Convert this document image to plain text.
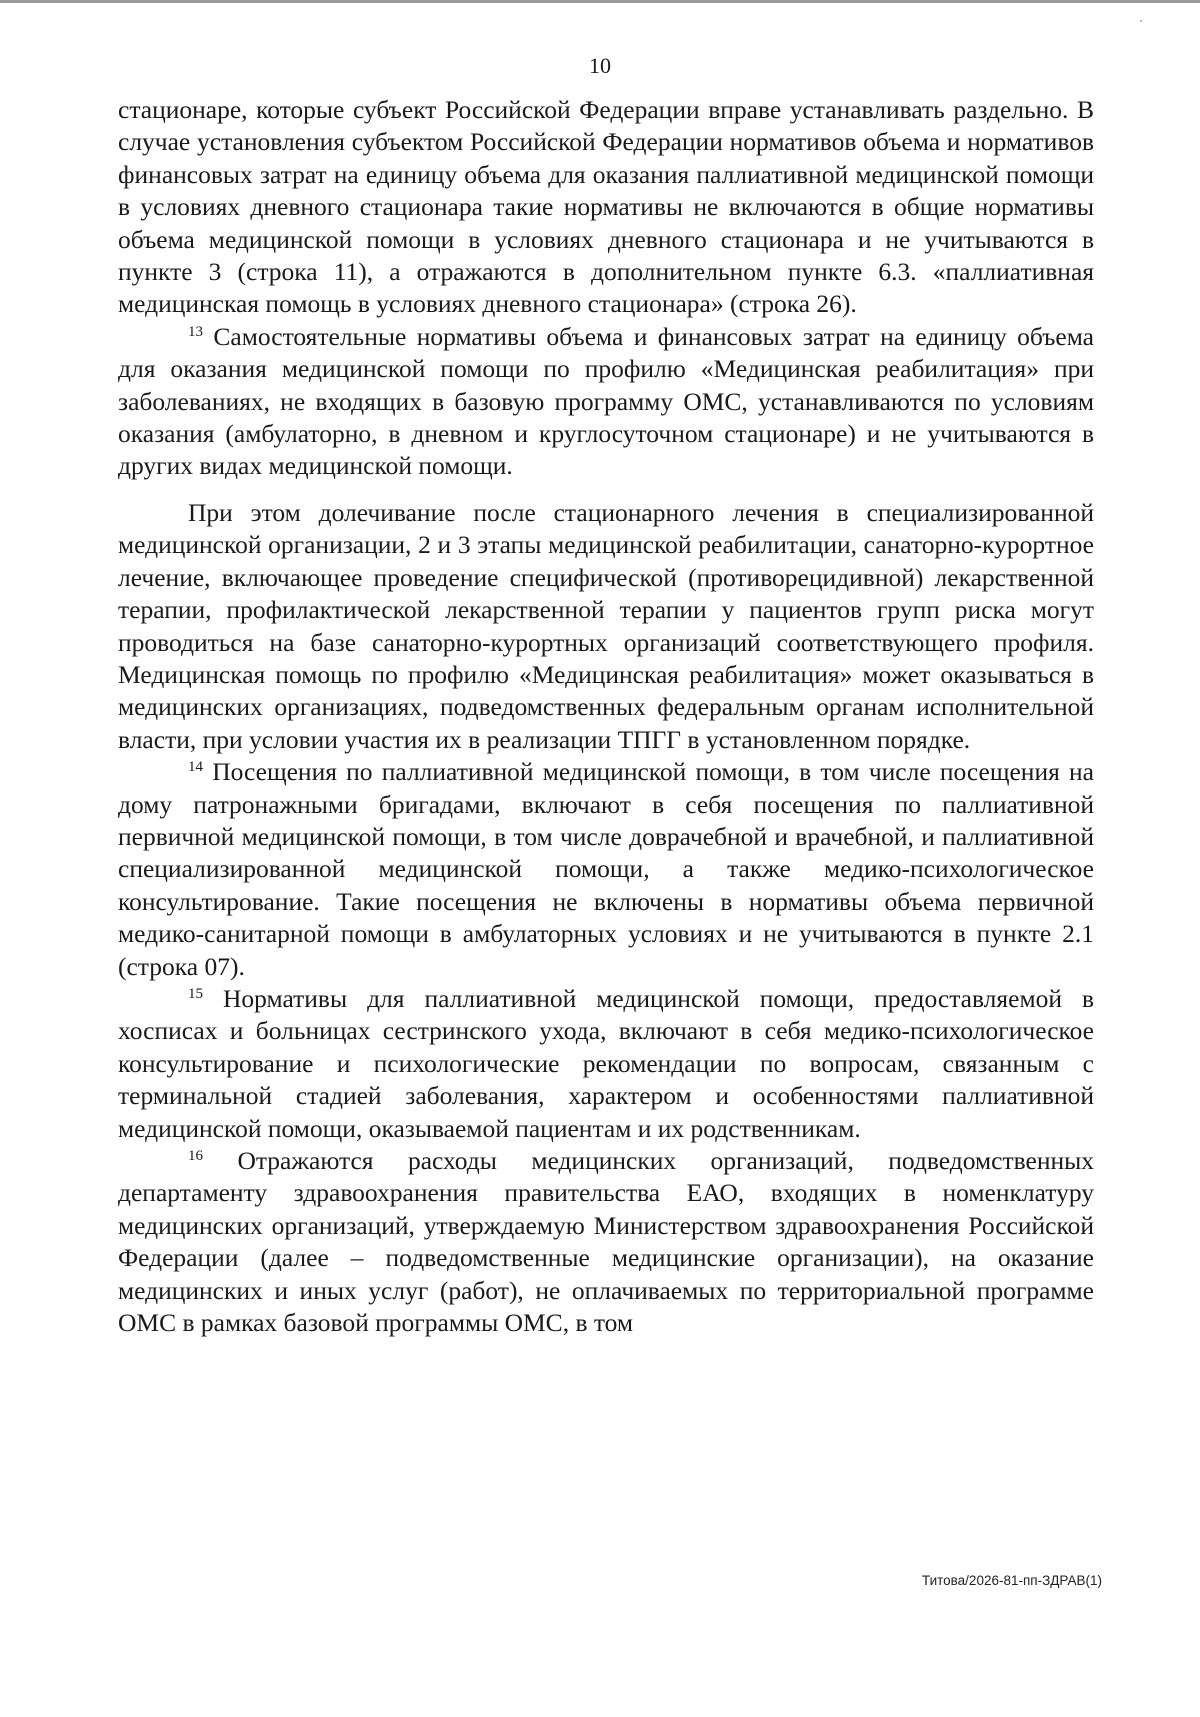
10

стационаре, которые субъект Российской Федерации вправе устанавливать раздельно. В случае установления субъектом Российской Федерации нормативов объема и нормативов финансовых затрат на единицу объема для оказания паллиативной медицинской помощи в условиях дневного стационара такие нормативы не включаются в общие нормативы объема медицинской помощи в условиях дневного стационара и не учитываются в пункте 3 (строка 11), а отражаются в дополнительном пункте 6.3. «паллиативная медицинская помощь в условиях дневного стационара» (строка 26).

$^{13}$ Самостоятельные нормативы объема и финансовых затрат на единицу объема для оказания медицинской помощи по профилю «Медицинская реабилитация» при заболеваниях, не входящих в базовую программу ОМС, устанавливаются по условиям оказания (амбулаторно, в дневном и круглосуточном стационаре) и не учитываются в других видах медицинской помощи.

При этом долечивание после стационарного лечения в специализированной медицинской организации, 2 и 3 этапы медицинской реабилитации, санаторно-курортное лечение, включающее проведение специфической (противорецидивной) лекарственной терапии, профилактической лекарственной терапии у пациентов групп риска могут проводиться на базе санаторно-курортных организаций соответствующего профиля. Медицинская помощь по профилю «Медицинская реабилитация» может оказываться в медицинских организациях, подведомственных федеральным органам исполнительной власти, при условии участия их в реализации ТПГГ в установленном порядке.

$^{14}$ Посещения по паллиативной медицинской помощи, в том числе посещения на дому патронажными бригадами, включают в себя посещения по паллиативной первичной медицинской помощи, в том числе доврачебной и врачебной, и паллиативной специализированной медицинской помощи, а также медико-психологическое консультирование. Такие посещения не включены в нормативы объема первичной медико-санитарной помощи в амбулаторных условиях и не учитываются в пункте 2.1 (строка 07).

$^{15}$ Нормативы для паллиативной медицинской помощи, предоставляемой в хосписах и больницах сестринского ухода, включают в себя медико-психологическое консультирование и психологические рекомендации по вопросам, связанным с терминальной стадией заболевания, характером и особенностями паллиативной медицинской помощи, оказываемой пациентам и их родственникам.

$^{16}$ Отражаются расходы медицинских организаций, подведомственных департаменту здравоохранения правительства ЕАО, входящих в номенклатуру медицинских организаций, утверждаемую Министерством здравоохранения Российской Федерации (далее – подведомственные медицинские организации), на оказание медицинских и иных услуг (работ), не оплачиваемых по территориальной программе ОМС в рамках базовой программы ОМС, в том

Титова/2026-81-пп-ЗДРАВ(1)
